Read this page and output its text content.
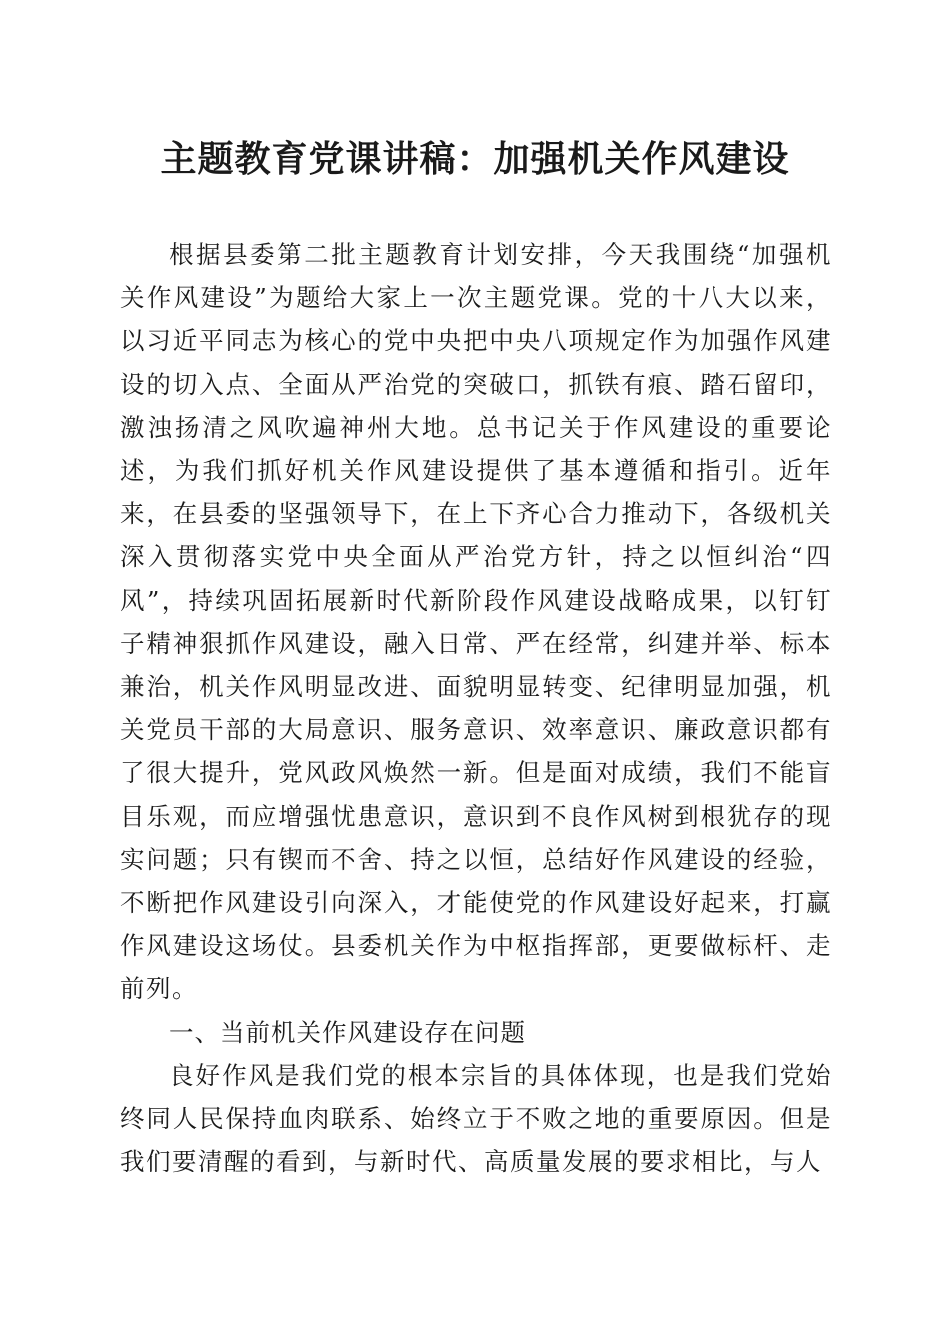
主题教育党课讲稿：加强机关作风建设

根据县委第二批主题教育计划安排，今天我围绕“加强机关作风建设”为题给大家上一次主题党课。党的十八大以来，以习近平同志为核心的党中央把中央八项规定作为加强作风建设的切入点、全面从严治党的突破口，抓铁有痕、踏石留印，激浊扬清之风吹遍神州大地。总书记关于作风建设的重要论述，为我们抓好机关作风建设提供了基本遵循和指引。近年来，在县委的坚强领导下，在上下齐心合力推动下，各级机关深入贯彻落实党中央全面从严治党方针，持之以恒纠治“四风”，持续巩固拓展新时代新阶段作风建设战略成果，以钉钉子精神狠抓作风建设，融入日常、严在经常，纠建并举、标本兼治，机关作风明显改进、面貌明显转变、纪律明显加强，机关党员干部的大局意识、服务意识、效率意识、廉政意识都有了很大提升，党风政风焕然一新。但是面对成绩，我们不能盲目乐观，而应增强忧患意识，意识到不良作风树到根犹存的现实问题；只有锲而不舍、持之以恒，总结好作风建设的经验，不断把作风建设引向深入，才能使党的作风建设好起来，打赢作风建设这场仗。县委机关作为中枢指挥部，更要做标杆、走前列。

一、当前机关作风建设存在问题

良好作风是我们党的根本宗旨的具体体现，也是我们党始终同人民保持血肉联系、始终立于不败之地的重要原因。但是我们要清醒的看到，与新时代、高质量发展的要求相比，与人
